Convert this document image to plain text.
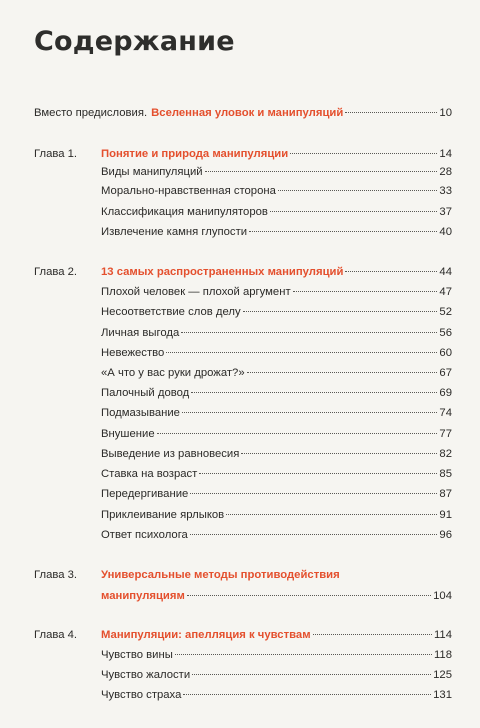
Содержание
Вместо предисловия. Вселенная уловок и манипуляций	10
Глава 1. Понятие и природа манипуляции	14
Виды манипуляций	28
Морально-нравственная сторона	33
Классификация манипуляторов	37
Извлечение камня глупости	40
Глава 2. 13 самых распространенных манипуляций	44
Плохой человек — плохой аргумент	47
Несоответствие слов делу	52
Личная выгода	56
Невежество	60
«А что у вас руки дрожат?»	67
Палочный довод	69
Подмазывание	74
Внушение	77
Выведение из равновесия	82
Ставка на возраст	85
Передергивание	87
Приклеивание ярлыков	91
Ответ психолога	96
Глава 3. Универсальные методы противодействия
манипуляциям	104
Глава 4. Манипуляции: апелляция к чувствам	114
Чувство вины	118
Чувство жалости	125
Чувство страха	131
